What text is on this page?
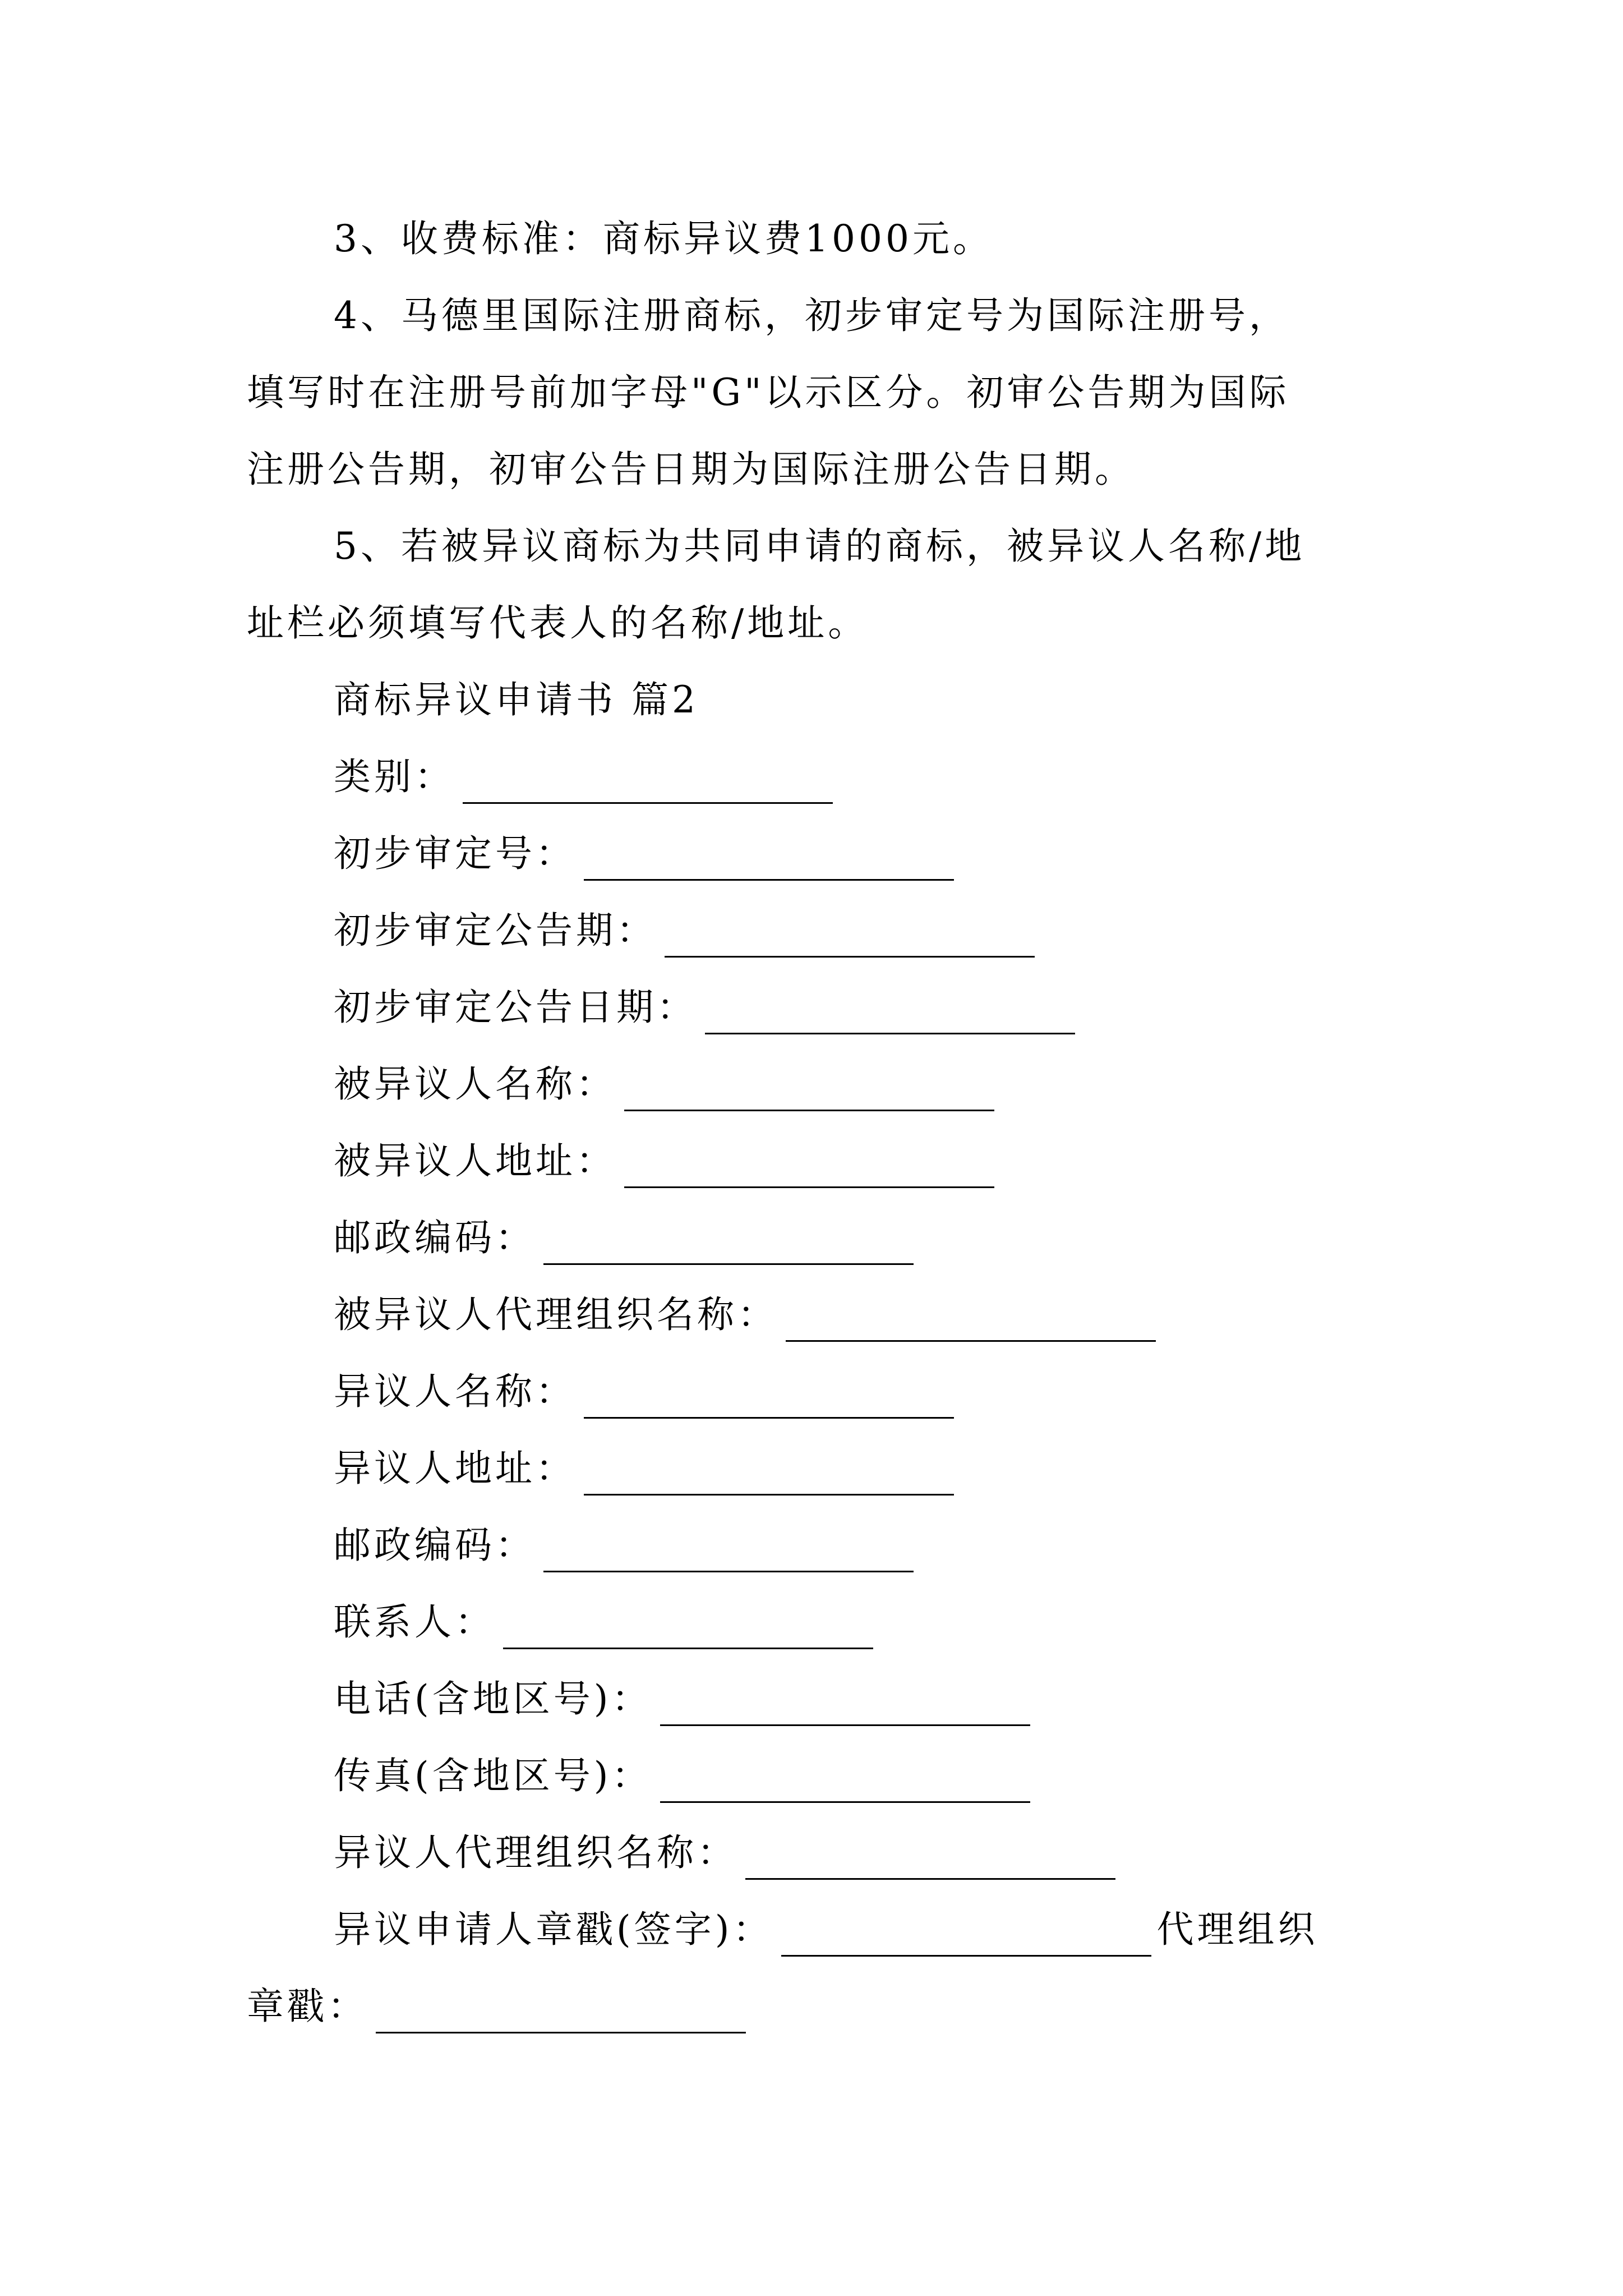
3、收费标准：商标异议费1000元。
4、马德里国际注册商标，初步审定号为国际注册号，
填写时在注册号前加字母"G"以示区分。初审公告期为国际
注册公告期，初审公告日期为国际注册公告日期。
5、若被异议商标为共同申请的商标，被异议人名称/地
址栏必须填写代表人的名称/地址。
商标异议申请书 篇2
类别：
初步审定号：
初步审定公告期：
初步审定公告日期：
被异议人名称：
被异议人地址：
邮政编码：
被异议人代理组织名称：
异议人名称：
异议人地址：
邮政编码：
联系人：
电话(含地区号)：
传真(含地区号)：
异议人代理组织名称：
异议申请人章戳(签字)：	代理组织
章戳：
